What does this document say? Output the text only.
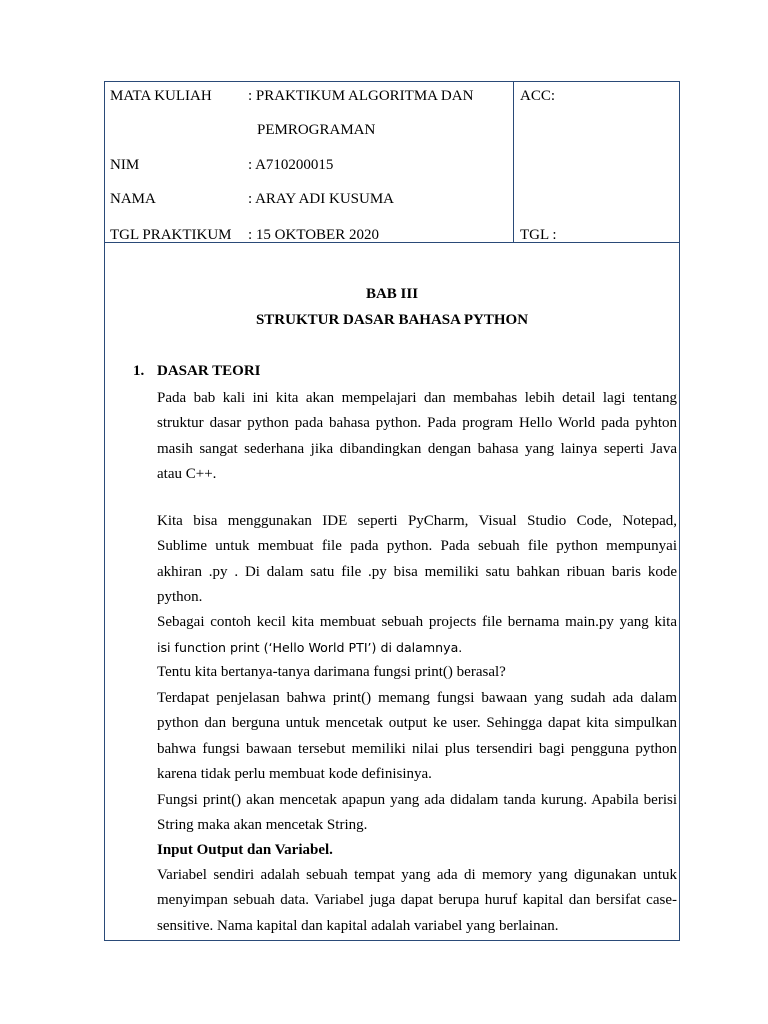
MATA KULIAH : PRAKTIKUM ALGORITMA DAN
PEMROGRAMAN
NIM	: A710200015
NAMA	: ARAY ADI KUSUMA
TGL PRAKTIKUM : 15 OKTOBER 2020
ACC:
TGL :
BAB III
STRUKTUR DASAR BAHASA PYTHON
1. DASAR TEORI
Pada bab kali ini kita akan mempelajari dan membahas lebih detail lagi tentang
struktur dasar python pada bahasa python. Pada program Hello World pada pyhton
masih sangat sederhana jika dibandingkan dengan bahasa yang lainya seperti Java
atau C++.
Kita bisa menggunakan IDE seperti PyCharm, Visual Studio Code, Notepad,
Sublime untuk membuat file pada python. Pada sebuah file python mempunyai
akhiran .py . Di dalam satu file .py bisa memiliki satu bahkan ribuan baris kode
python.
Sebagai contoh kecil kita membuat sebuah projects file bernama main.py yang kita
isi function print (‘Hello World PTI’) di dalamnya.
Tentu kita bertanya-tanya darimana fungsi print() berasal?
Terdapat penjelasan bahwa print() memang fungsi bawaan yang sudah ada dalam
python dan berguna untuk mencetak output ke user. Sehingga dapat kita simpulkan
bahwa fungsi bawaan tersebut memiliki nilai plus tersendiri bagi pengguna python
karena tidak perlu membuat kode definisinya.
Fungsi print() akan mencetak apapun yang ada didalam tanda kurung. Apabila berisi
String maka akan mencetak String.
Input Output dan Variabel.
Variabel sendiri adalah sebuah tempat yang ada di memory yang digunakan untuk
menyimpan sebuah data. Variabel juga dapat berupa huruf kapital dan bersifat case-
sensitive. Nama kapital dan kapital adalah variabel yang berlainan.
